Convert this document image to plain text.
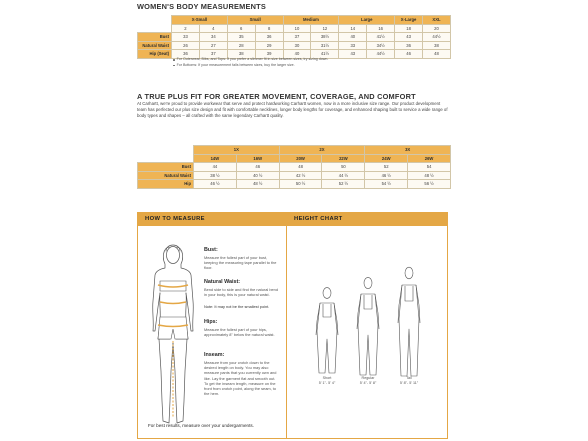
WOMEN'S BODY MEASUREMENTS
	X-Small		Small		Medium		Large		X-Large	XXL
	2	4	6	8	10	12	14	16	18	20
Bust	33	34	35	36	37	38½	40	41½	43	44½
Natural Waist	26	27	28	29	30	31½	33	34½	36	38
Hip (Seat)	36	37	38	39	40	41½	43	44½	46	48
For Outerwear, Bibs, and Tops: If you prefer a slimmer fit in size between sizes, try sizing down.
For Bottoms: If your measurement falls between sizes, buy the larger size.
A TRUE PLUS FIT FOR GREATER MOVEMENT, COVERAGE, AND COMFORT
At Carhartt, we're proud to provide workwear that serve and protect hardworking Carhartt women, now in a more inclusive size range. Our product development team has perfected our plus size design and fit with comfortable necklines, longer body lengths for coverage, and enhanced shaping built to service a wide range of body types and shapes – all crafted with the same legendary Carhartt quality.
	1X		2X		3X	
	14W	16W	20W	22W	24W	26W
Bust	44	46	48	50	52	54
Natural Waist	38 ½	40 ½	42 ½	44 ½	46 ½	48 ½
Hip	46 ½	48 ½	50 ½	52 ½	54 ½	56 ½
HOW TO MEASURE	HEIGHT CHART
Bust:
Measure the fullest part of your bust, keeping the measuring tape parallel to the floor.
Natural Waist:
Bend side to side and find the natural bend in your body, this is your natural waist.
Note: It may not be the smallest point.
Hips:
Measure the fullest part of your hips, approximately 8" below the natural waist.
Inseam:
Measure from your crotch down to the desired length on body. You may also measure pants that you currently own and like. Lay the garment flat and smooth out. To get the inseam length, measure on the front from crotch point, along the seam, to the hem.
For best results, measure over your undergarments.
Short
5' 1"- 5' 4"
Regular
5' 4"- 5' 8"
Tall
5' 8"- 5' 11"
